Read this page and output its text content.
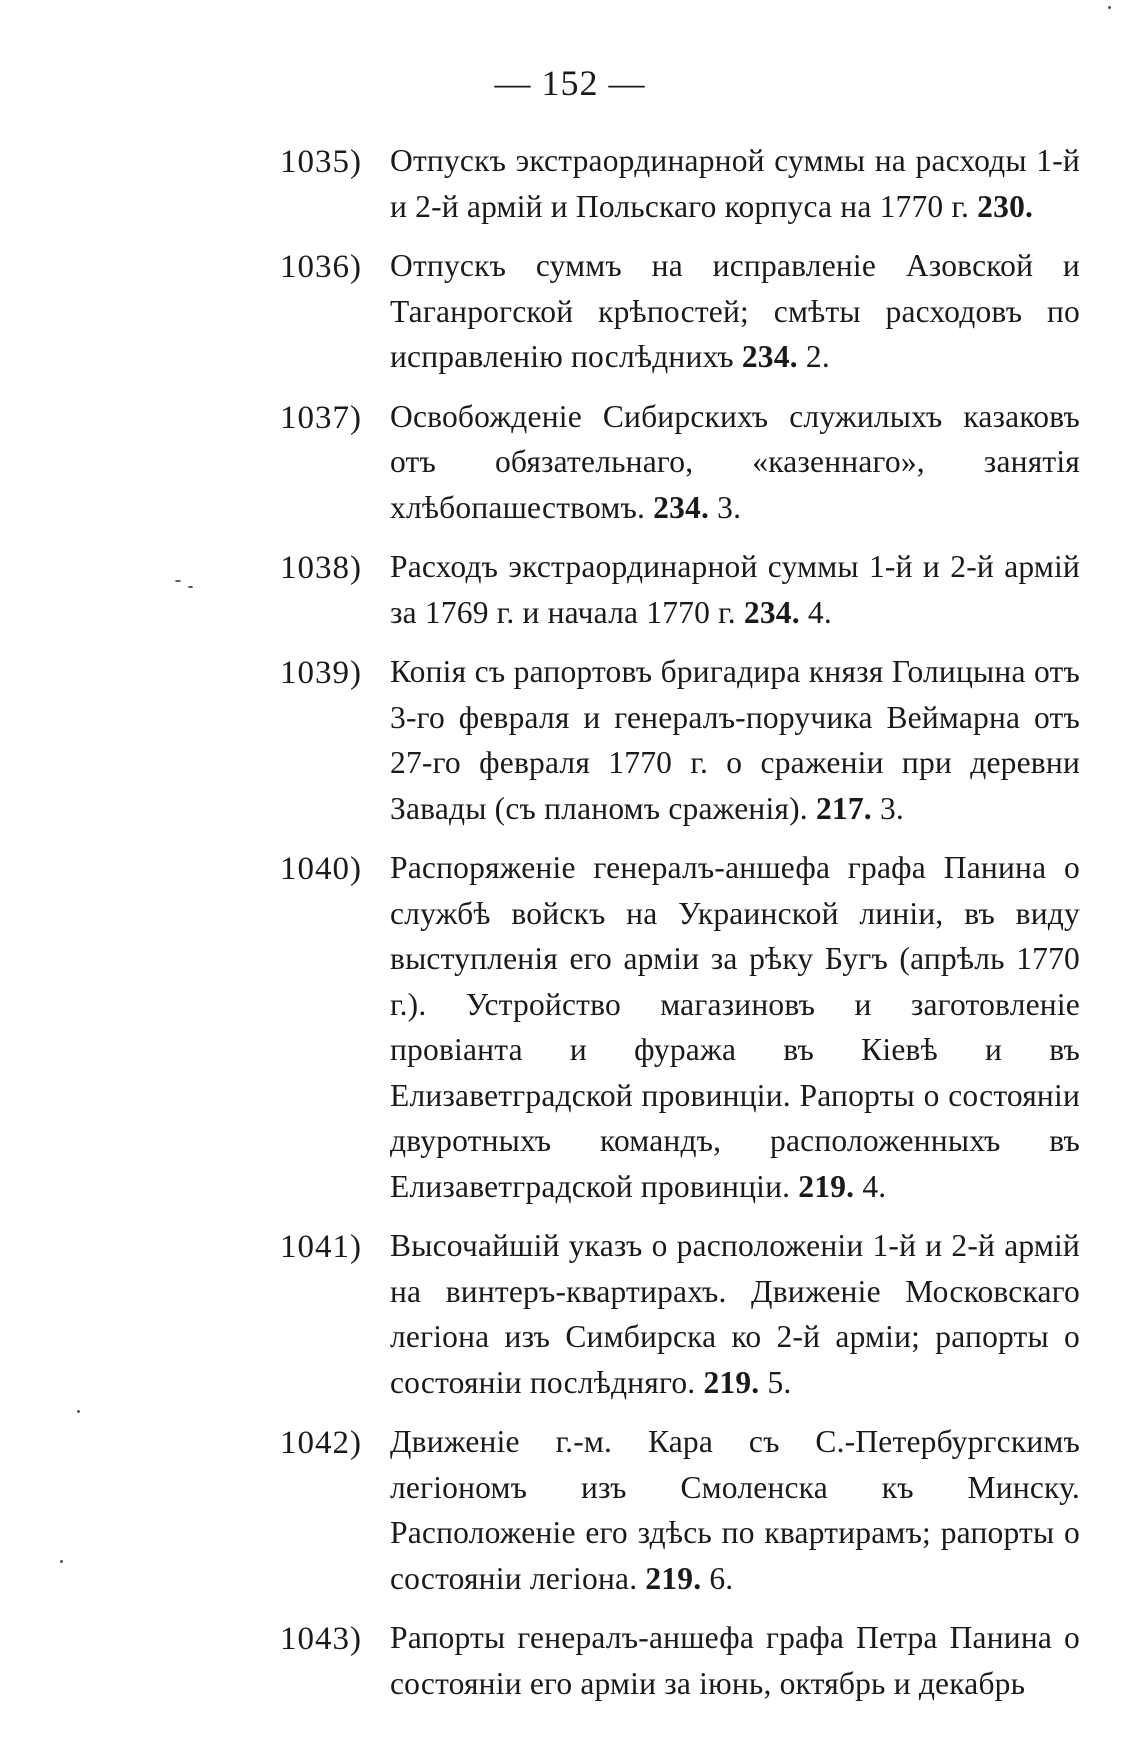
— 152 —
1035) Отпускъ экстраординарной суммы на расходы 1-й и 2-й армій и Польскаго корпуса на 1770 г. 230.
1036) Отпускъ суммъ на исправленіе Азовской и Таганрогской крѣпостей; смѣты расходовъ по исправленію послѣднихъ 234. 2.
1037) Освобожденіе Сибирскихъ служилыхъ казаковъ отъ обязательнаго, «казеннаго», занятія хлѣбопашествомъ. 234. 3.
1038) Расходъ экстраординарной суммы 1-й и 2-й армій за 1769 г. и начала 1770 г. 234. 4.
1039) Копія съ рапортовъ бригадира князя Голицына отъ 3-го февраля и генералъ-поручика Веймарна отъ 27-го февраля 1770 г. о сраженіи при деревни Завады (съ планомъ сраженія). 217. 3.
1040) Распоряженіе генералъ-аншефа графа Панина о службѣ войскъ на Украинской линіи, въ виду выступленія его арміи за рѣку Бугъ (апрѣль 1770 г.). Устройство магазиновъ и заготовленіе провіанта и фуража въ Кіевѣ и въ Елизаветградской провинціи. Рапорты о состояніи двуротныхъ командъ, расположенныхъ въ Елизаветградской провинціи. 219. 4.
1041) Высочайшій указъ о расположеніи 1-й и 2-й армій на винтеръ-квартирахъ. Движеніе Московскаго легіона изъ Симбирска ко 2-й арміи; рапорты о состояніи послѣдняго. 219. 5.
1042) Движеніе г.-м. Кара съ С.-Петербургскимъ легіономъ изъ Смоленска къ Минску. Расположеніе его здѣсь по квартирамъ; рапорты о состояніи легіона. 219. 6.
1043) Рапорты генералъ-аншефа графа Петра Панина о состояніи его арміи за іюнь, октябрь и декабрь
